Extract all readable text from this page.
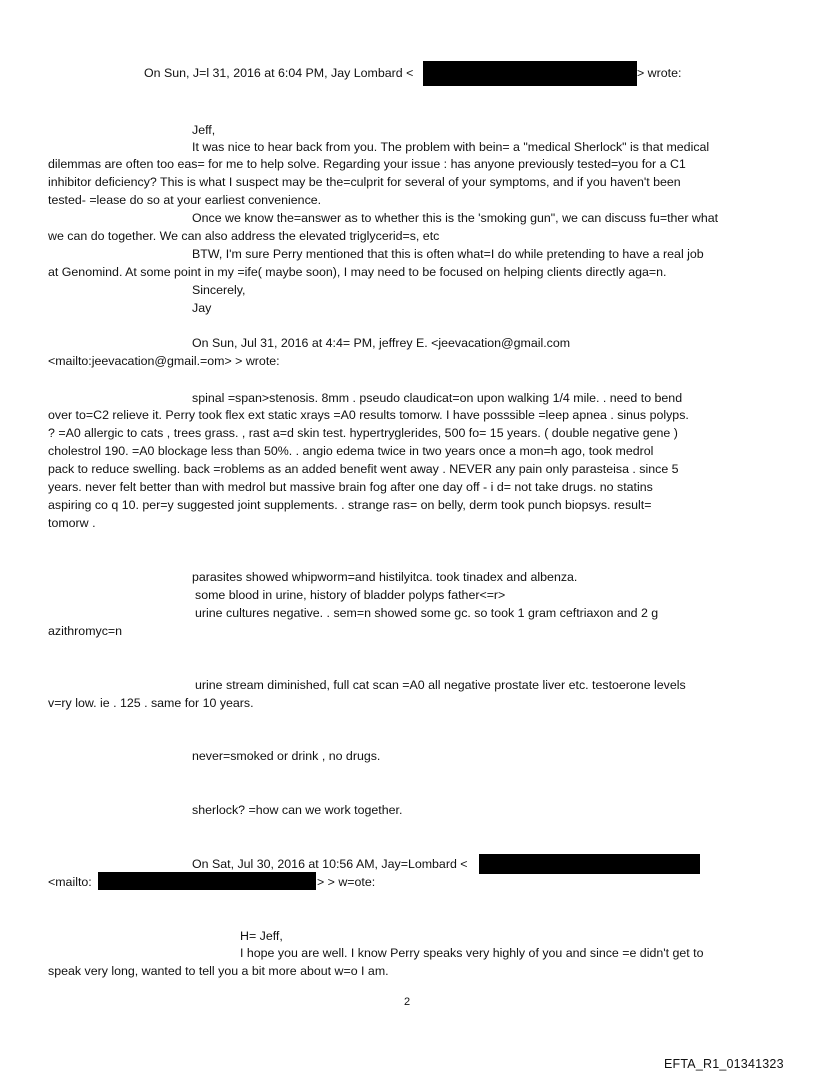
On Sun, J=l 31, 2016 at 6:04 PM, Jay Lombard <	> wrote:
Jeff,
It was nice to hear back from you. The problem with bein= a "medical Sherlock" is that medical
dilemmas are often too eas= for me to help solve. Regarding your issue : has anyone previously tested=you for a C1
inhibitor deficiency? This is what I suspect may be the=culprit for several of your symptoms, and if you haven't been
tested- =lease do so at your earliest convenience.
Once we know the=answer as to whether this is the 'smoking gun", we can discuss fu=ther what
we can do together. We can also address the elevated triglycerid=s, etc
BTW, I'm sure Perry mentioned that this is often what=I do while pretending to have a real job
at Genomind. At some point in my =ife( maybe soon), I may need to be focused on helping clients directly aga=n.
Sincerely,
Jay
On Sun, Jul 31, 2016 at 4:4= PM, jeffrey E. <jeevacation@gmail.com
<mailto:jeevacation@gmail.=om> > wrote:
spinal =span>stenosis. 8mm . pseudo claudicat=on upon walking 1/4 mile. . need to bend
over to=C2 relieve it. Perry took flex ext static xrays =A0 results tomorw. I have posssible =leep apnea . sinus polyps.
? =A0 allergic to cats , trees grass. , rast a=d skin test. hypertryglerides, 500 fo= 15 years. ( double negative gene )
cholestrol 190. =A0 blockage less than 50%. . angio edema twice in two years once a mon=h ago, took medrol
pack to reduce swelling. back =roblems as an added benefit went away . NEVER any pain only parasteisa . since 5
years. never felt better than with medrol but massive brain fog after one day off - i d= not take drugs. no statins
aspiring co q 10. per=y suggested joint supplements. . strange ras= on belly, derm took punch biopsys. result=
tomorw .
parasites showed whipworm=and histilyitca. took tinadex and albenza.
some blood in urine, history of bladder polyps father<=r>
urine cultures negative. . sem=n showed some gc. so took 1 gram ceftriaxon and 2 g
azithromyc=n
urine stream diminished, full cat scan =A0 all negative prostate liver etc. testoerone levels
v=ry low. ie . 125 . same for 10 years.
never=smoked or drink , no drugs.
sherlock? =how can we work together.
On Sat, Jul 30, 2016 at 10:56 AM, Jay=Lombard <
<mailto:	> > w=ote:
H= Jeff,
I hope you are well. I know Perry speaks very highly of you and since =e didn't get to
speak very long, wanted to tell you a bit more about w=o I am.
2
EFTA_R1_01341323
